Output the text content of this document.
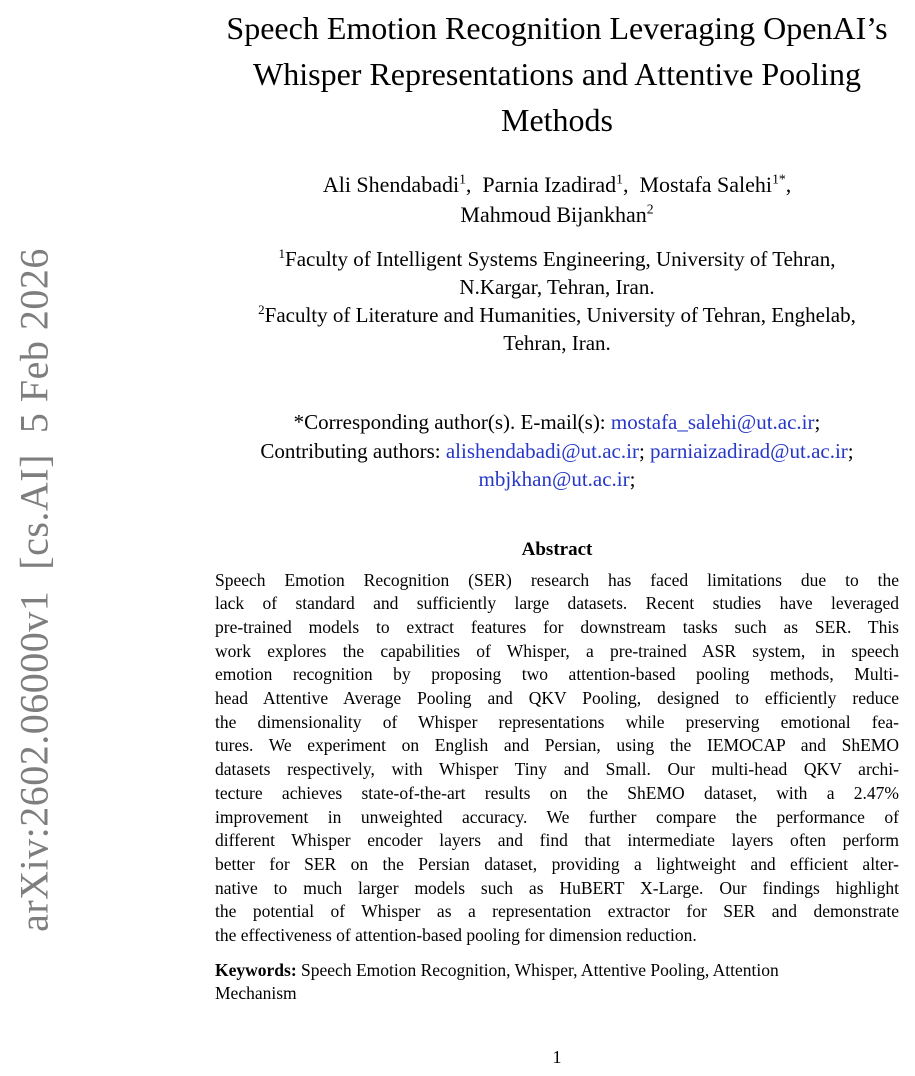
arXiv:2602.06000v1  [cs.AI]  5 Feb 2026
Speech Emotion Recognition Leveraging OpenAI’s
Whisper Representations and Attentive Pooling
Methods
Ali Shendabadi$^1$,  Parnia Izadirad$^1$,  Mostafa Salehi$^{1*}$,
Mahmoud Bijankhan$^2$
$^1$Faculty of Intelligent Systems Engineering, University of Tehran,
N.Kargar, Tehran, Iran.
$^2$Faculty of Literature and Humanities, University of Tehran, Enghelab,
Tehran, Iran.
*Corresponding author(s). E-mail(s): mostafa_salehi@ut.ac.ir;
Contributing authors: alishendabadi@ut.ac.ir; parniaizadirad@ut.ac.ir;
mbjkhan@ut.ac.ir;
Abstract
Speech Emotion Recognition (SER) research has faced limitations due to the
lack of standard and sufficiently large datasets. Recent studies have leveraged
pre-trained models to extract features for downstream tasks such as SER. This
work explores the capabilities of Whisper, a pre-trained ASR system, in speech
emotion recognition by proposing two attention-based pooling methods, Multi-
head Attentive Average Pooling and QKV Pooling, designed to efficiently reduce
the dimensionality of Whisper representations while preserving emotional fea-
tures. We experiment on English and Persian, using the IEMOCAP and ShEMO
datasets respectively, with Whisper Tiny and Small. Our multi-head QKV archi-
tecture achieves state-of-the-art results on the ShEMO dataset, with a 2.47%
improvement in unweighted accuracy. We further compare the performance of
different Whisper encoder layers and find that intermediate layers often perform
better for SER on the Persian dataset, providing a lightweight and efficient alter-
native to much larger models such as HuBERT X-Large. Our findings highlight
the potential of Whisper as a representation extractor for SER and demonstrate
the effectiveness of attention-based pooling for dimension reduction.
Keywords: Speech Emotion Recognition, Whisper, Attentive Pooling, Attention
Mechanism
1
